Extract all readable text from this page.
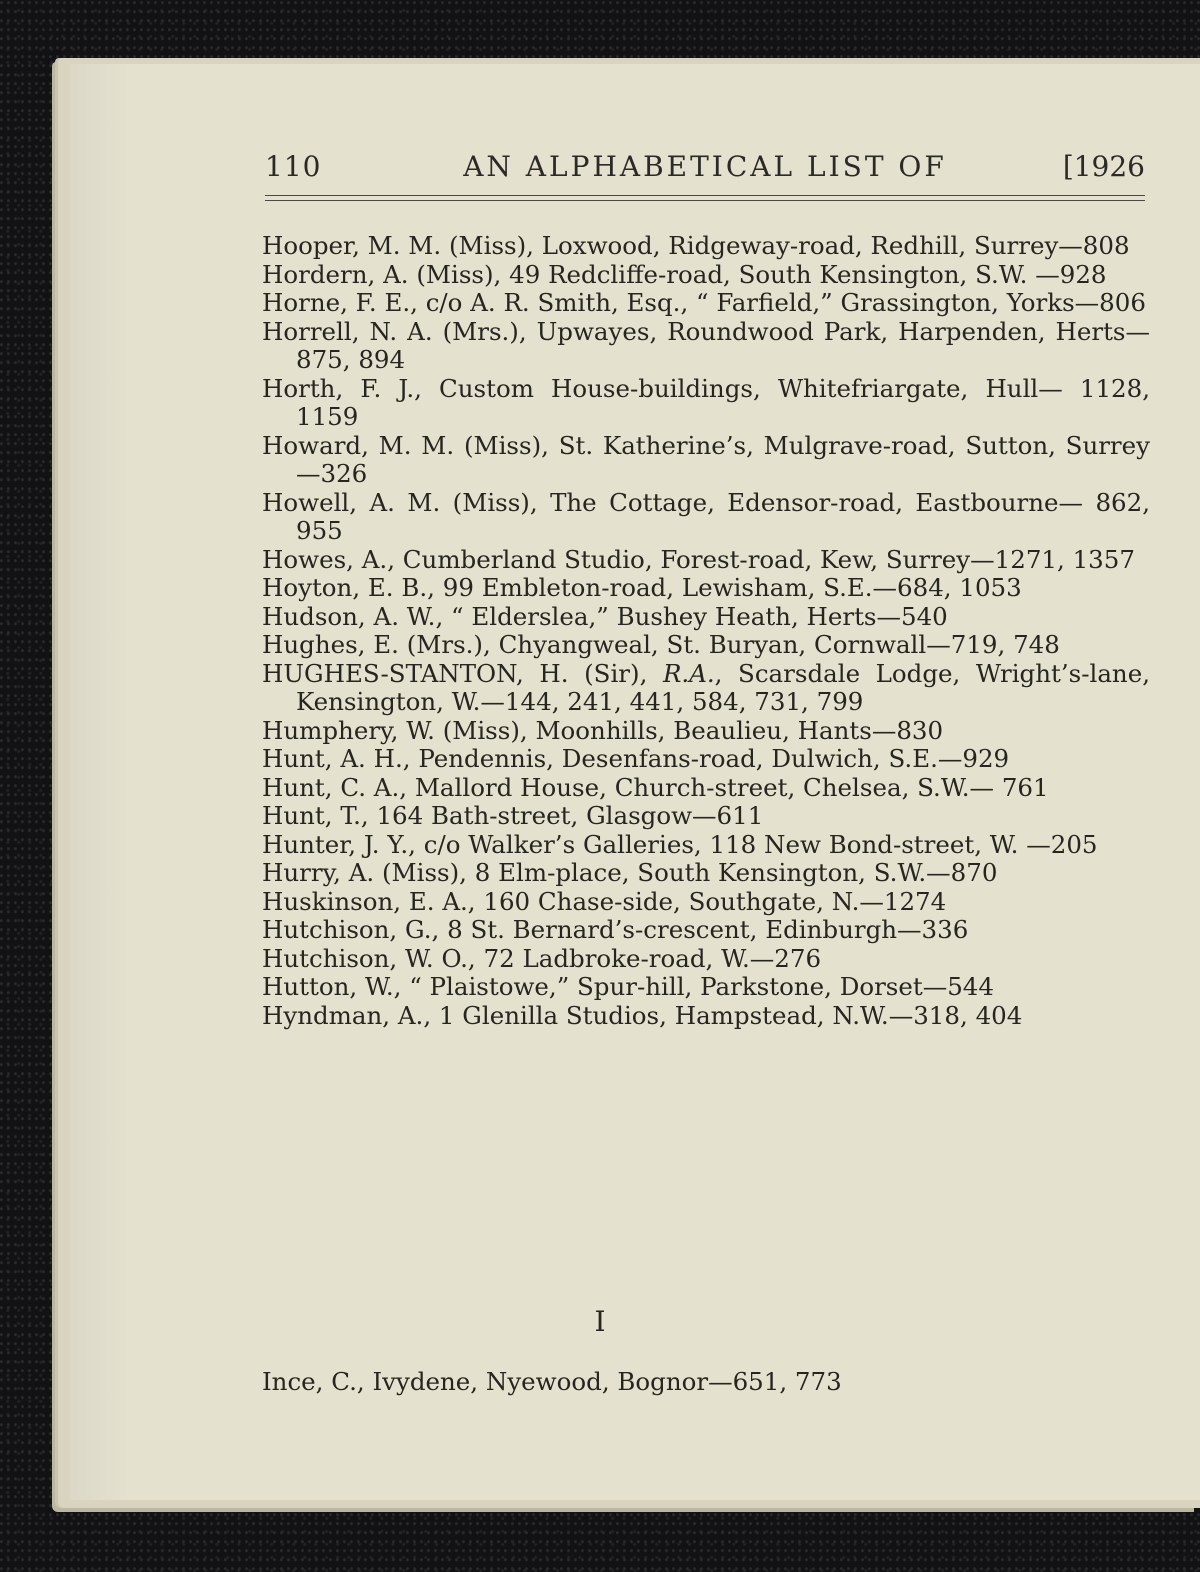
110	AN ALPHABETICAL LIST OF	[1926
Hooper, M. M. (Miss), Loxwood, Ridgeway-road, Redhill, Surrey—808
Hordern, A. (Miss), 49 Redcliffe-road, South Kensington, S.W. —928
Horne, F. E., c/o A. R. Smith, Esq., “ Farfield,” Grassington, Yorks—806
Horrell, N. A. (Mrs.), Upwayes, Roundwood Park, Harpenden, Herts—875, 894
Horth, F. J., Custom House-buildings, Whitefriargate, Hull— 1128, 1159
Howard, M. M. (Miss), St. Katherine’s, Mulgrave-road, Sutton, Surrey—326
Howell, A. M. (Miss), The Cottage, Edensor-road, Eastbourne— 862, 955
Howes, A., Cumberland Studio, Forest-road, Kew, Surrey—1271, 1357
Hoyton, E. B., 99 Embleton-road, Lewisham, S.E.—684, 1053
Hudson, A. W., “ Eldersleа,” Bushey Heath, Herts—540
Hughes, E. (Mrs.), Chyangweal, St. Buryan, Cornwall—719, 748
HUGHES-STANTON, H. (Sir), R.A., Scarsdale Lodge, Wright’s-lane, Kensington, W.—144, 241, 441, 584, 731, 799
Humphery, W. (Miss), Moonhills, Beaulieu, Hants—830
Hunt, A. H., Pendennis, Desenfans-road, Dulwich, S.E.—929
Hunt, C. A., Mallord House, Church-street, Chelsea, S.W.— 761
Hunt, T., 164 Bath-street, Glasgow—611
Hunter, J. Y., c/o Walker’s Galleries, 118 New Bond-street, W. —205
Hurry, A. (Miss), 8 Elm-place, South Kensington, S.W.—870
Huskinson, E. A., 160 Chase-side, Southgate, N.—1274
Hutchison, G., 8 St. Bernard’s-crescent, Edinburgh—336
Hutchison, W. O., 72 Ladbroke-road, W.—276
Hutton, W., “ Plaistowe,” Spur-hill, Parkstone, Dorset—544
Hyndman, A., 1 Glenilla Studios, Hampstead, N.W.—318, 404
I
Ince, C., Ivydene, Nyewood, Bognor—651, 773
